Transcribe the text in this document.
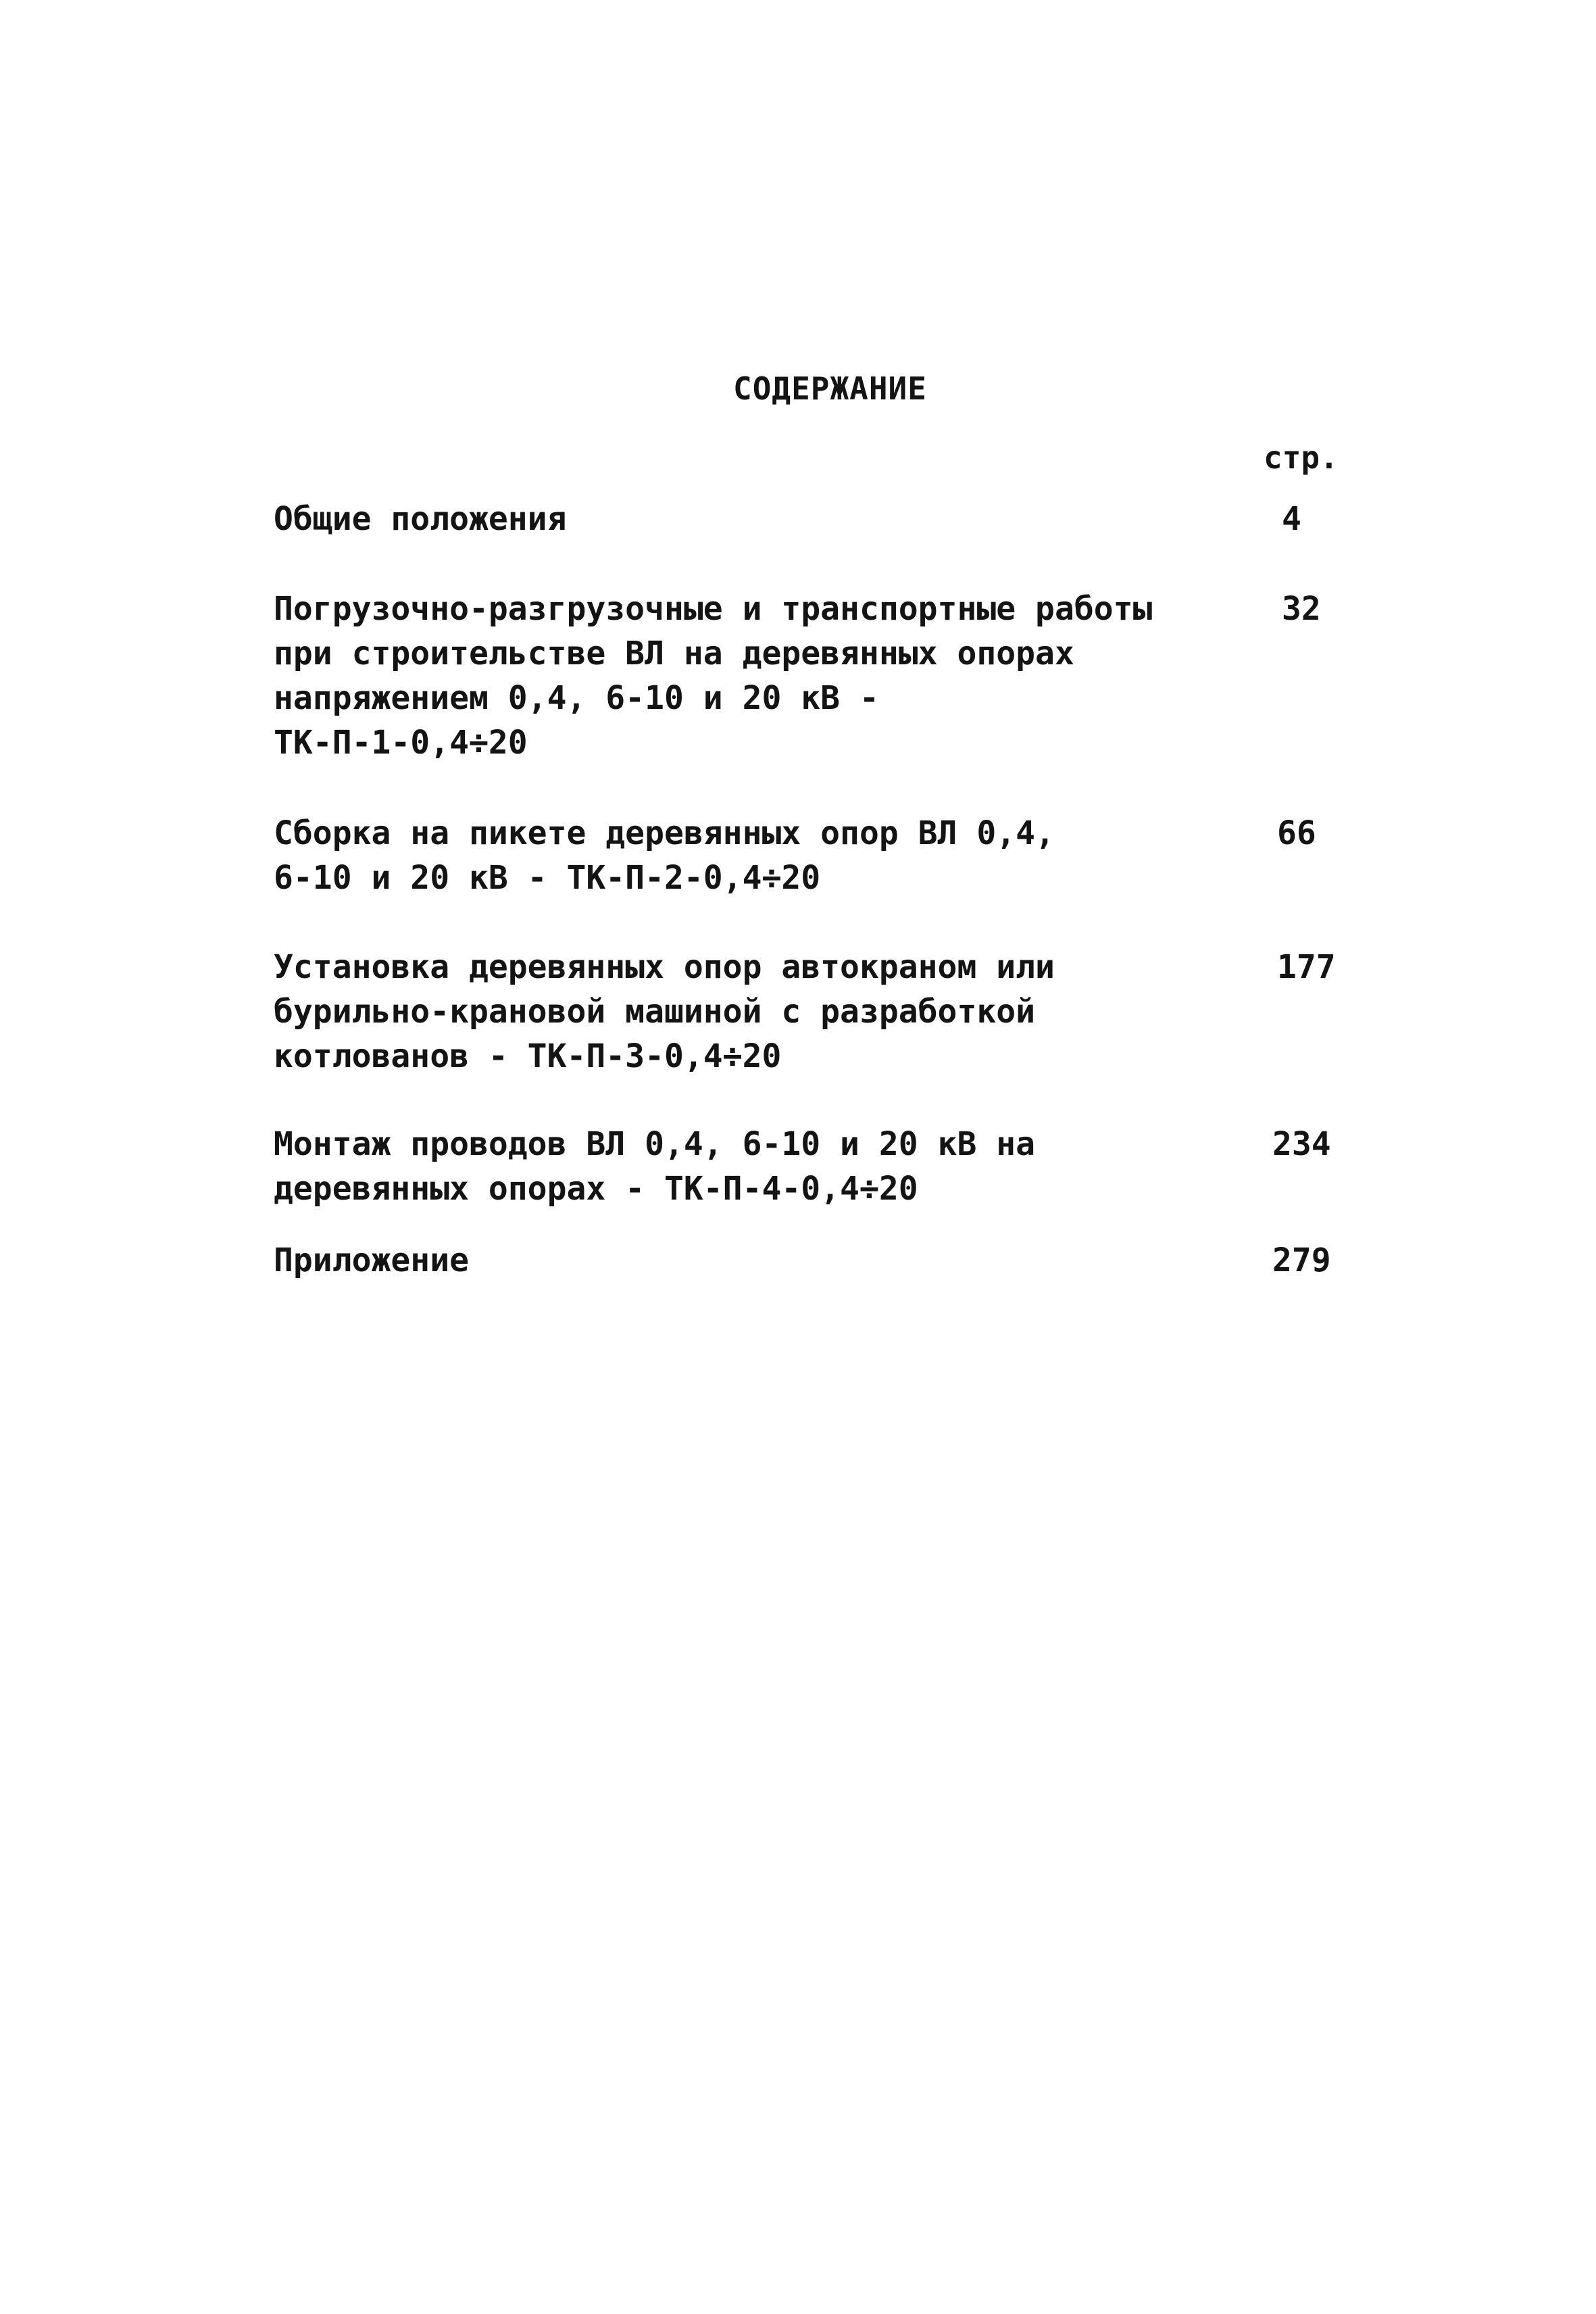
СОДЕРЖАНИЕ
стр.
Общие положения	4
Погрузочно-разгрузочные и транспортные работы
при строительстве ВЛ на деревянных опорах
напряжением 0,4, 6-10 и 20 кВ -
ТК-П-1-0,4÷20
32
Сборка на пикете деревянных опор ВЛ 0,4,
6-10 и 20 кВ - ТК-П-2-0,4÷20
66
Установка деревянных опор автокраном или
бурильно-крановой машиной с разработкой
котлованов - ТК-П-3-0,4÷20
177
Монтаж проводов ВЛ 0,4, 6-10 и 20 кВ на
деревянных опорах - ТК-П-4-0,4÷20
234
Приложение	279
